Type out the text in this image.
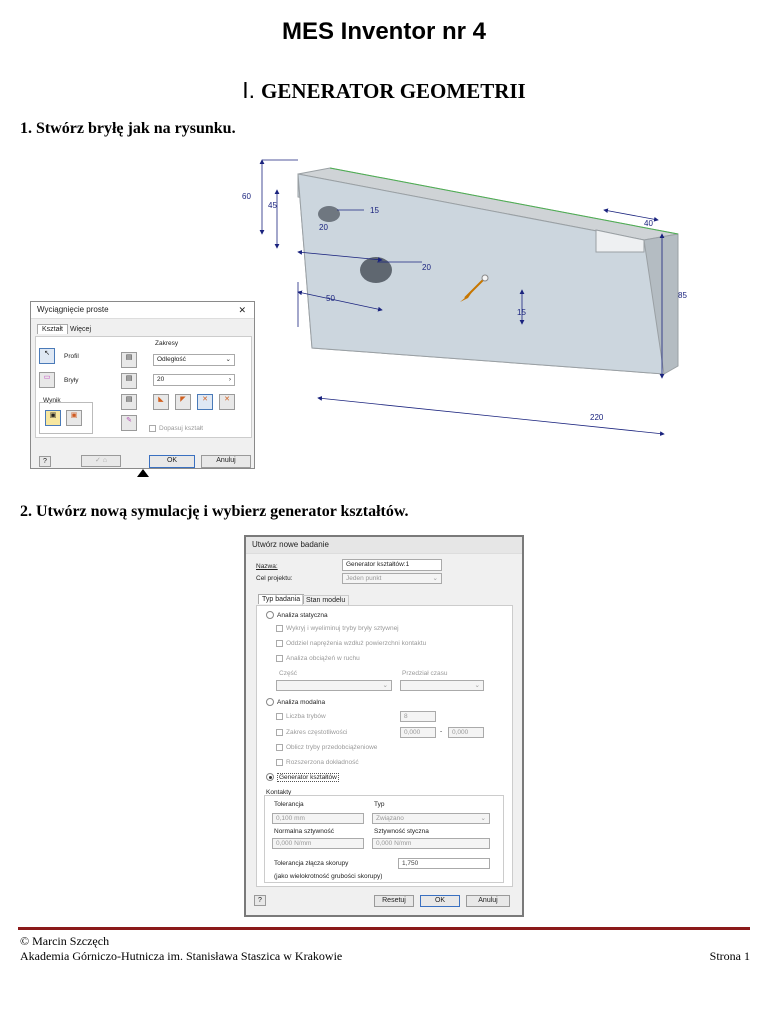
MES Inventor nr 4
I. GENERATOR GEOMETRII
1. Stwórz bryłę jak na rysunku.
60
45
15
20
20
50
15
40
85
220
Wyciągnięcie proste	✕
Kształt Więcej
↖	Profil
▭	Bryły
Wynik
▣	▣
▤
▤
▤
✎
Zakresy
Odległość	⌄
20	›
◣	◤	✕	✕
Dopasuj kształt
?	✓ ⌂	OK	Anuluj
2. Utwórz nową symulację i wybierz generator kształtów.
Utwórz nowe badanie
Nazwa:	Generator kształtów:1
Cel projektu:	Jeden punkt	⌄
Typ badania Stan modelu
Analiza statyczna
Wykryj i wyeliminuj tryby bryły sztywnej
Oddziel naprężenia wzdłuż powierzchni kontaktu
Analiza obciążeń w ruchu
Część	Przedział czasu
⌄	⌄
Analiza modalna
Liczba trybów	8
Zakres częstotliwości	0,000	-	0,000
Oblicz tryby przedobciążeniowe
Rozszerzona dokładność
Generator kształtów
Kontakty
Tolerancja	Typ
0,100 mm	Związano	⌄
Normalna sztywność	Sztywność styczna
0,000 N/mm	0,000 N/mm
Tolerancja złącza skorupy	1,750
(jako wielokrotność grubości skorupy)
?	Resetuj	OK	Anuluj
© Marcin Szczęch
Akademia Górniczo-Hutnicza im. Stanisława Staszica w Krakowie	Strona 1
